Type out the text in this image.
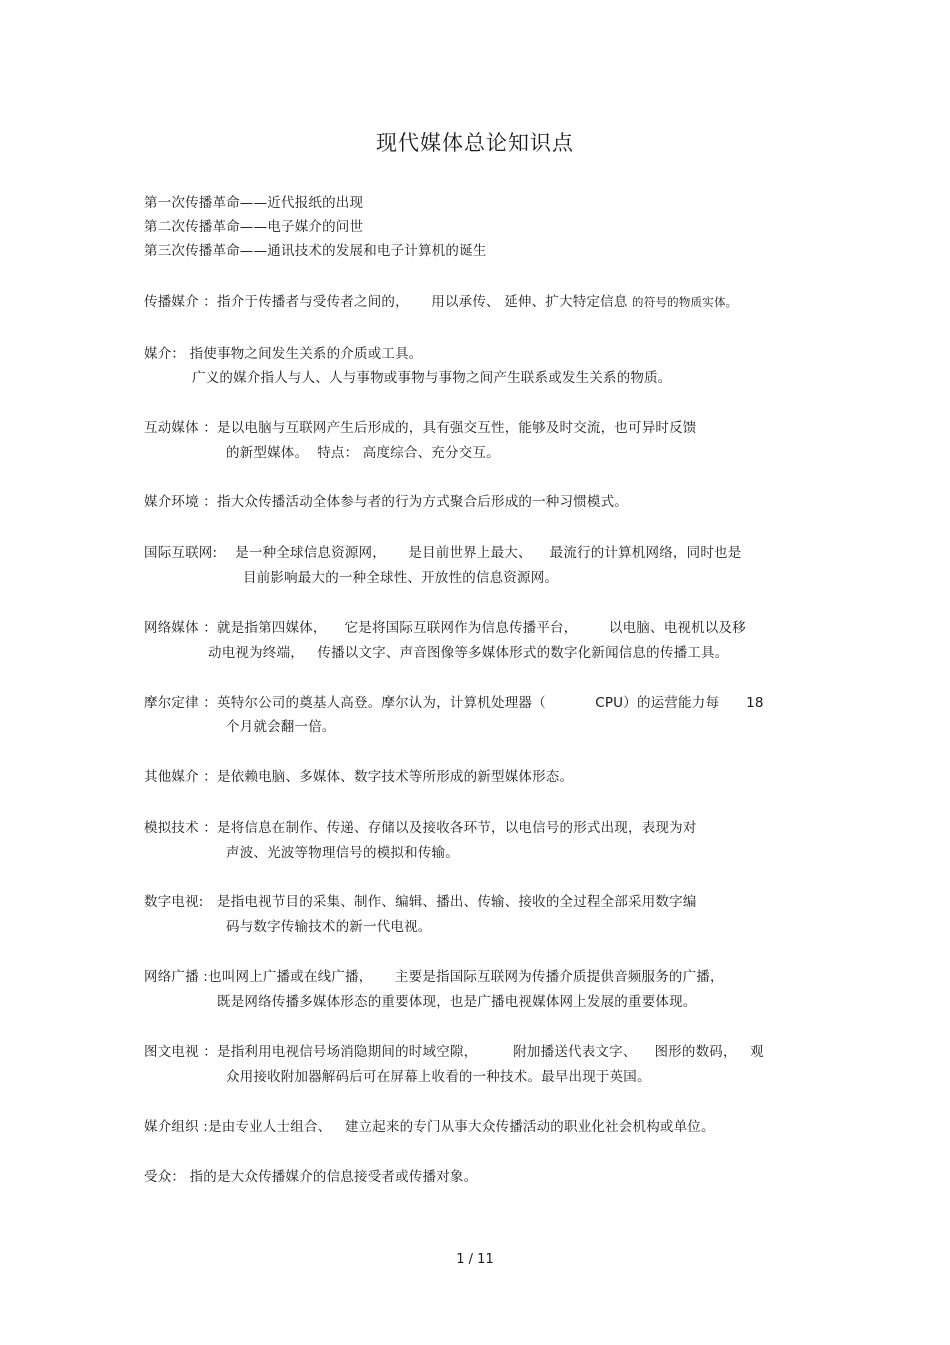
现代媒体总论知识点
第一次传播革命——近代报纸的出现
第二次传播革命——电子媒介的问世
第三次传播革命——通讯技术的发展和电子计算机的诞生
传播媒介 ：指介于传播者与受传者之间的，     用以承传、 延伸、扩大特定信息 的符号的物质实体。
媒介： 指使事物之间发生关系的介质或工具。
广义的媒介指人与人、人与事物或事物与事物之间产生联系或发生关系的物质。
互动媒体 ：是以电脑与互联网产生后形成的，具有强交互性，能够及时交流，也可异时反馈
的新型媒体。  特点： 高度综合、充分交互。
媒介环境 ：指大众传播活动全体参与者的行为方式聚合后形成的一种习惯模式。
国际互联网:    是一种全球信息资源网，     是目前世界上最大、    最流行的计算机网络，同时也是
目前影响最大的一种全球性、开放性的信息资源网。
网络媒体 ：就是指第四媒体，    它是将国际互联网作为信息传播平台，       以电脑、电视机以及移
动电视为终端，   传播以文字、声音图像等多媒体形式的数字化新闻信息的传播工具。
摩尔定律 ：英特尔公司的奠基人高登。摩尔认为，计算机处理器（           CPU）的运营能力每      18
个月就会翻一倍。
其他媒介 ：是依赖电脑、多媒体、数字技术等所形成的新型媒体形态。
模拟技术 ：是将信息在制作、传递、存储以及接收各环节，以电信号的形式出现，表现为对
声波、光波等物理信号的模拟和传输。
数字电视:   是指电视节目的采集、制作、编辑、播出、传输、接收的全过程全部采用数字编
码与数字传输技术的新一代电视。
网络广播 :也叫网上广播或在线广播，     主要是指国际互联网为传播介质提供音频服务的广播，
既是网络传播多媒体形态的重要体现，也是广播电视媒体网上发展的重要体现。
图文电视 ：是指利用电视信号场消隐期间的时域空隙，        附加播送代表文字、    图形的数码，   观
众用接收附加器解码后可在屏幕上收看的一种技术。最早出现于英国。
媒介组织 :是由专业人士组合、   建立起来的专门从事大众传播活动的职业化社会机构或单位。
受众： 指的是大众传播媒介的信息接受者或传播对象。
1 / 11
